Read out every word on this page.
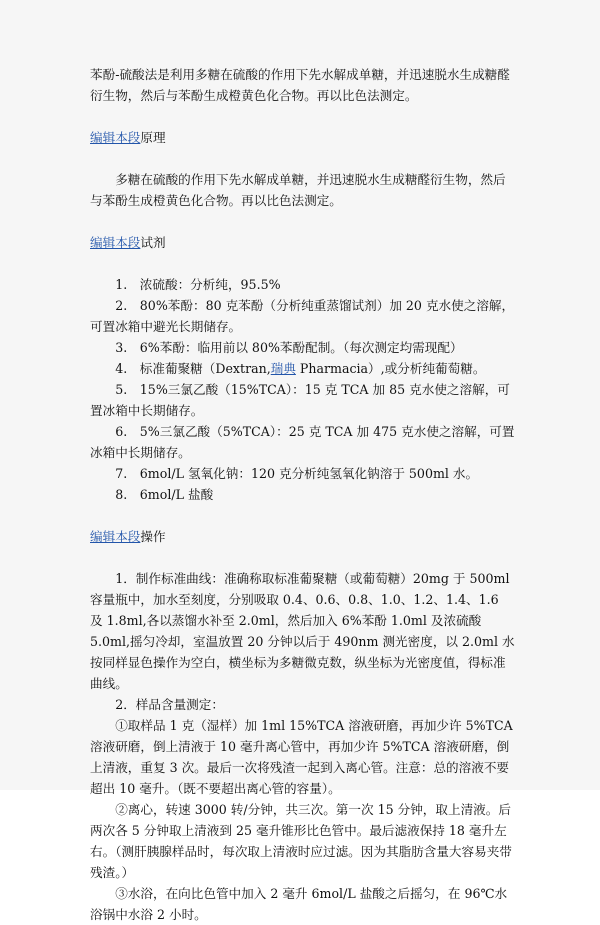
苯酚-硫酸法是利用多糖在硫酸的作用下先水解成单糖，并迅速脱水生成糖醛衍生物，然后与苯酚生成橙黄色化合物。再以比色法测定。

编辑本段原理

多糖在硫酸的作用下先水解成单糖，并迅速脱水生成糖醛衍生物，然后与苯酚生成橙黄色化合物。再以比色法测定。

编辑本段试剂

1.　浓硫酸：分析纯，95.5%

2.　80%苯酚：80 克苯酚（分析纯重蒸馏试剂）加 20 克水使之溶解，可置冰箱中避光长期储存。

3.　6%苯酚：临用前以 80%苯酚配制。（每次测定均需现配）

4.　标准葡聚糖（Dextran,瑞典 Pharmacia）,或分析纯葡萄糖。

5.　15%三氯乙酸（15%TCA）：15 克 TCA 加 85 克水使之溶解，可置冰箱中长期储存。

6.　5%三氯乙酸（5%TCA）：25 克 TCA 加 475 克水使之溶解，可置冰箱中长期储存。

7.　6mol/L 氢氧化钠：120 克分析纯氢氧化钠溶于 500ml 水。

8.　6mol/L 盐酸

编辑本段操作

1．制作标准曲线：准确称取标准葡聚糖（或葡萄糖）20mg 于 500ml 容量瓶中，加水至刻度，分别吸取 0.4、0.6、0.8、1.0、1.2、1.4、1.6 及 1.8ml,各以蒸馏水补至 2.0ml，然后加入 6%苯酚 1.0ml 及浓硫酸 5.0ml,摇匀冷却，室温放置 20 分钟以后于 490nm 测光密度，以 2.0ml 水按同样显色操作为空白，横坐标为多糖微克数，纵坐标为光密度值，得标准曲线。

2．样品含量测定：

①取样品 1 克（湿样）加 1ml 15%TCA 溶液研磨，再加少许 5%TCA 溶液研磨，倒上清液于 10 毫升离心管中，再加少许 5%TCA 溶液研磨，倒上清液，重复 3 次。最后一次将残渣一起到入离心管。注意：总的溶液不要超出 10 毫升。（既不要超出离心管的容量）。

②离心，转速 3000 转/分钟，共三次。第一次 15 分钟，取上清液。后两次各 5 分钟取上清液到 25 毫升锥形比色管中。最后滤液保持 18 毫升左右。（测肝胰腺样品时，每次取上清液时应过滤。因为其脂肪含量大容易夹带残渣。）

③水浴，在向比色管中加入 2 毫升 6mol/L 盐酸之后摇匀，在 96℃水浴锅中水浴 2 小时。
